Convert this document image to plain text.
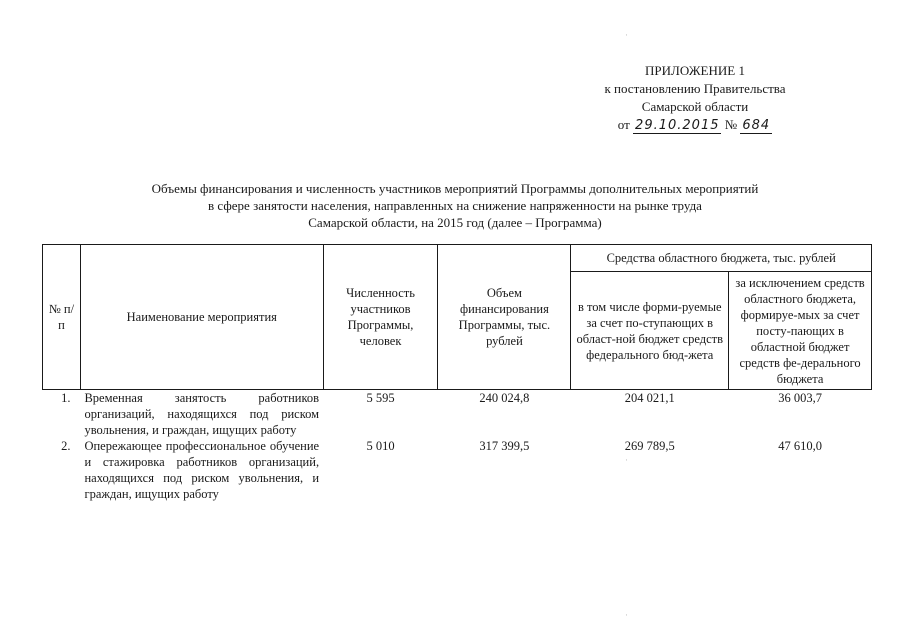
ПРИЛОЖЕНИЕ 1
к постановлению Правительства
Самарской области
от 29.10.2015 № 684
Объемы финансирования и численность участников мероприятий Программы дополнительных мероприятий
в сфере занятости населения, направленных на снижение напряженности на рынке труда
Самарской области, на 2015 год (далее – Программа)
№ п/п	Наименование мероприятия	Численность участников Программы, человек	Объем финансирования Программы, тыс. рублей	Средства областного бюджета, тыс. рублей	
				в том числе форми-руемые за счет по-ступающих в област-ной бюджет средств федерального бюд-жета	за исключением средств областного бюджета, формируе-мых за счет посту-пающих в областной бюджет средств фе-дерального бюджета
1.	Временная занятость работников организаций, находящихся под риском увольнения, и граждан, ищущих работу	5 595	240 024,8	204 021,1	36 003,7
2.	Опережающее профессиональное обучение и стажировка работников организаций, находящихся под риском увольнения, и граждан, ищущих работу	5 010	317 399,5	269 789,5	47 610,0
·
·
·
